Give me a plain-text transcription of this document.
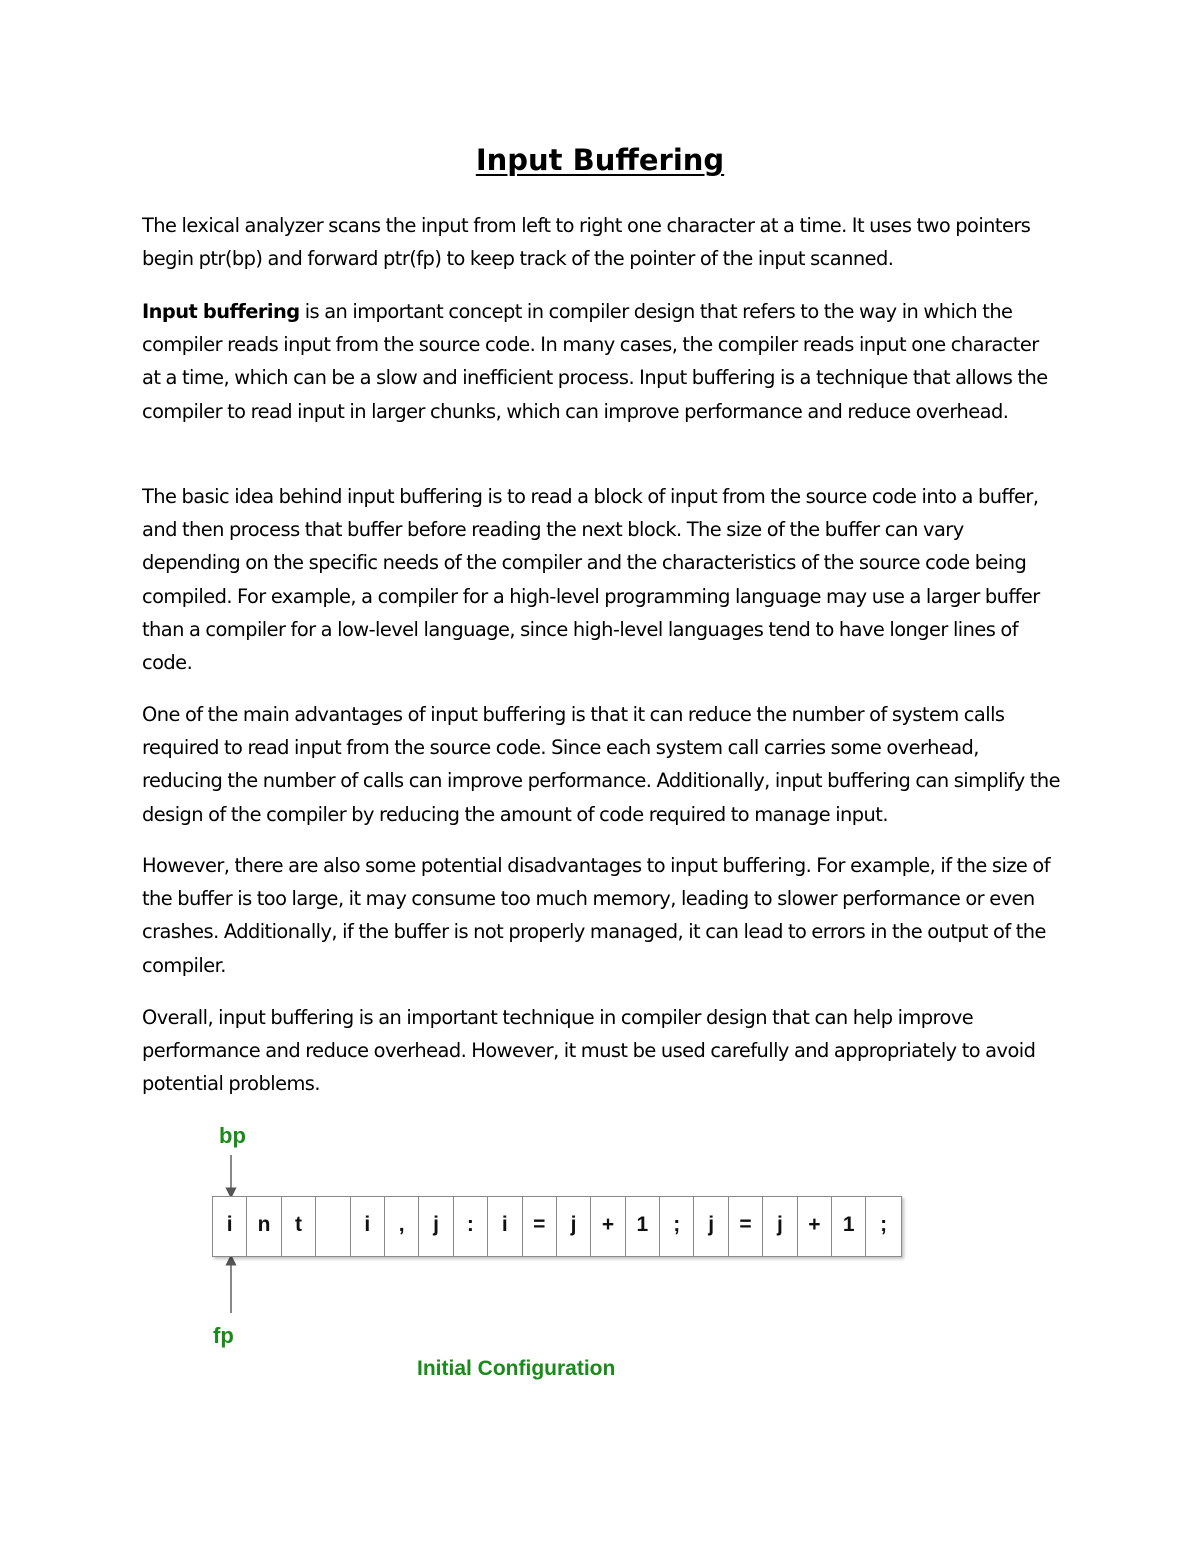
Input Buffering

The lexical analyzer scans the input from left to right one character at a time. It uses two pointers begin ptr(bp) and forward ptr(fp) to keep track of the pointer of the input scanned.

Input buffering is an important concept in compiler design that refers to the way in which the compiler reads input from the source code. In many cases, the compiler reads input one character at a time, which can be a slow and inefficient process. Input buffering is a technique that allows the compiler to read input in larger chunks, which can improve performance and reduce overhead.

The basic idea behind input buffering is to read a block of input from the source code into a buffer, and then process that buffer before reading the next block. The size of the buffer can vary depending on the specific needs of the compiler and the characteristics of the source code being compiled. For example, a compiler for a high-level programming language may use a larger buffer than a compiler for a low-level language, since high-level languages tend to have longer lines of code.

One of the main advantages of input buffering is that it can reduce the number of system calls required to read input from the source code. Since each system call carries some overhead, reducing the number of calls can improve performance. Additionally, input buffering can simplify the design of the compiler by reducing the amount of code required to manage input.

However, there are also some potential disadvantages to input buffering. For example, if the size of the buffer is too large, it may consume too much memory, leading to slower performance or even crashes. Additionally, if the buffer is not properly managed, it can lead to errors in the output of the compiler.

Overall, input buffering is an important technique in compiler design that can help improve performance and reduce overhead. However, it must be used carefully and appropriately to avoid potential problems.

bp
i	n	t	i	,	j	:	i	=	j	+	1	;	j	=	j	+	1	;
fp
Initial Configuration
